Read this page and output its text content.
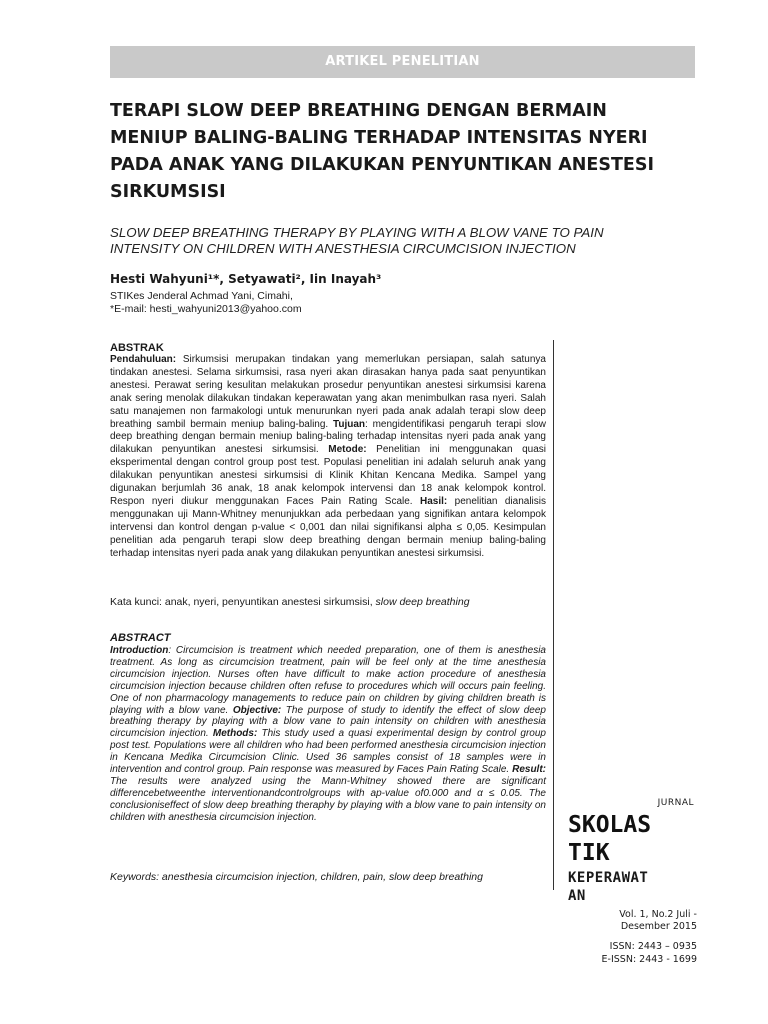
ARTIKEL PENELITIAN
TERAPI SLOW DEEP BREATHING DENGAN BERMAIN
MENIUP BALING-BALING TERHADAP INTENSITAS NYERI
PADA ANAK YANG DILAKUKAN PENYUNTIKAN ANESTESI
SIRKUMSISI
SLOW DEEP BREATHING THERAPY BY PLAYING WITH A BLOW VANE TO PAIN
INTENSITY ON CHILDREN WITH ANESTHESIA CIRCUMCISION INJECTION
Hesti Wahyuni¹*, Setyawati², Iin Inayah³
STIKes Jenderal Achmad Yani, Cimahi,
*E-mail: hesti_wahyuni2013@yahoo.com
ABSTRAK
Pendahuluan: Sirkumsisi merupakan tindakan yang memerlukan persiapan, salah satunya tindakan anestesi. Selama sirkumsisi, rasa nyeri akan dirasakan hanya pada saat penyuntikan anestesi. Perawat sering kesulitan melakukan prosedur penyuntikan anestesi sirkumsisi karena anak sering menolak dilakukan tindakan keperawatan yang akan menimbulkan rasa nyeri. Salah satu manajemen non farmakologi untuk menurunkan nyeri pada anak adalah terapi slow deep breathing sambil bermain meniup baling-baling. Tujuan: mengidentifikasi pengaruh terapi slow deep breathing dengan bermain meniup baling-baling terhadap intensitas nyeri pada anak yang dilakukan penyuntikan anestesi sirkumsisi. Metode: Penelitian ini menggunakan quasi eksperimental dengan control group post test. Populasi penelitian ini adalah seluruh anak yang dilakukan penyuntikan anestesi sirkumsisi di Klinik Khitan Kencana Medika. Sampel yang digunakan berjumlah 36 anak, 18 anak kelompok intervensi dan 18 anak kelompok kontrol. Respon nyeri diukur menggunakan Faces Pain Rating Scale. Hasil: penelitian dianalisis menggunakan uji Mann-Whitney menunjukkan ada perbedaan yang signifikan antara kelompok intervensi dan kontrol dengan p-value < 0,001 dan nilai signifikansi alpha ≤ 0,05. Kesimpulan penelitian ada pengaruh terapi slow deep breathing dengan bermain meniup baling-baling terhadap intensitas nyeri pada anak yang dilakukan penyuntikan anestesi sirkumsisi.
Kata kunci: anak, nyeri, penyuntikan anestesi sirkumsisi, slow deep breathing
ABSTRACT
Introduction: Circumcision is treatment which needed preparation, one of them is anesthesia treatment. As long as circumcision treatment, pain will be feel only at the time anesthesia circumcision injection. Nurses often have difficult to make action procedure of anesthesia circumcision injection because children often refuse to procedures which will occurs pain feeling. One of non pharmacology managements to reduce pain on children by giving children breath is playing with a blow vane. Objective: The purpose of study to identify the effect of slow deep breathing therapy by playing with a blow vane to pain intensity on children with anesthesia circumcision injection. Methods: This study used a quasi experimental design by control group post test. Populations were all children who had been performed anesthesia circumcision injection in Kencana Medika Circumcision Clinic. Used 36 samples consist of 18 samples were in intervention and control group. Pain response was measured by Faces Pain Rating Scale. Result: The results were analyzed using the Mann-Whitney showed there are significant differencebetweenthe interventionandcontrolgroups with ap-value of0.000 and α ≤ 0.05. The conclusioniseffect of slow deep breathing theraphy by playing with a blow vane to pain intensity on children with anesthesia circumcision injection.
Keywords: anesthesia circumcision injection, children, pain, slow deep breathing
JURNAL
SKOLAS
TIK
KEPERAWAT
AN
Vol. 1, No.2 Juli -
Desember 2015
ISSN: 2443 – 0935
E-ISSN: 2443 - 1699
